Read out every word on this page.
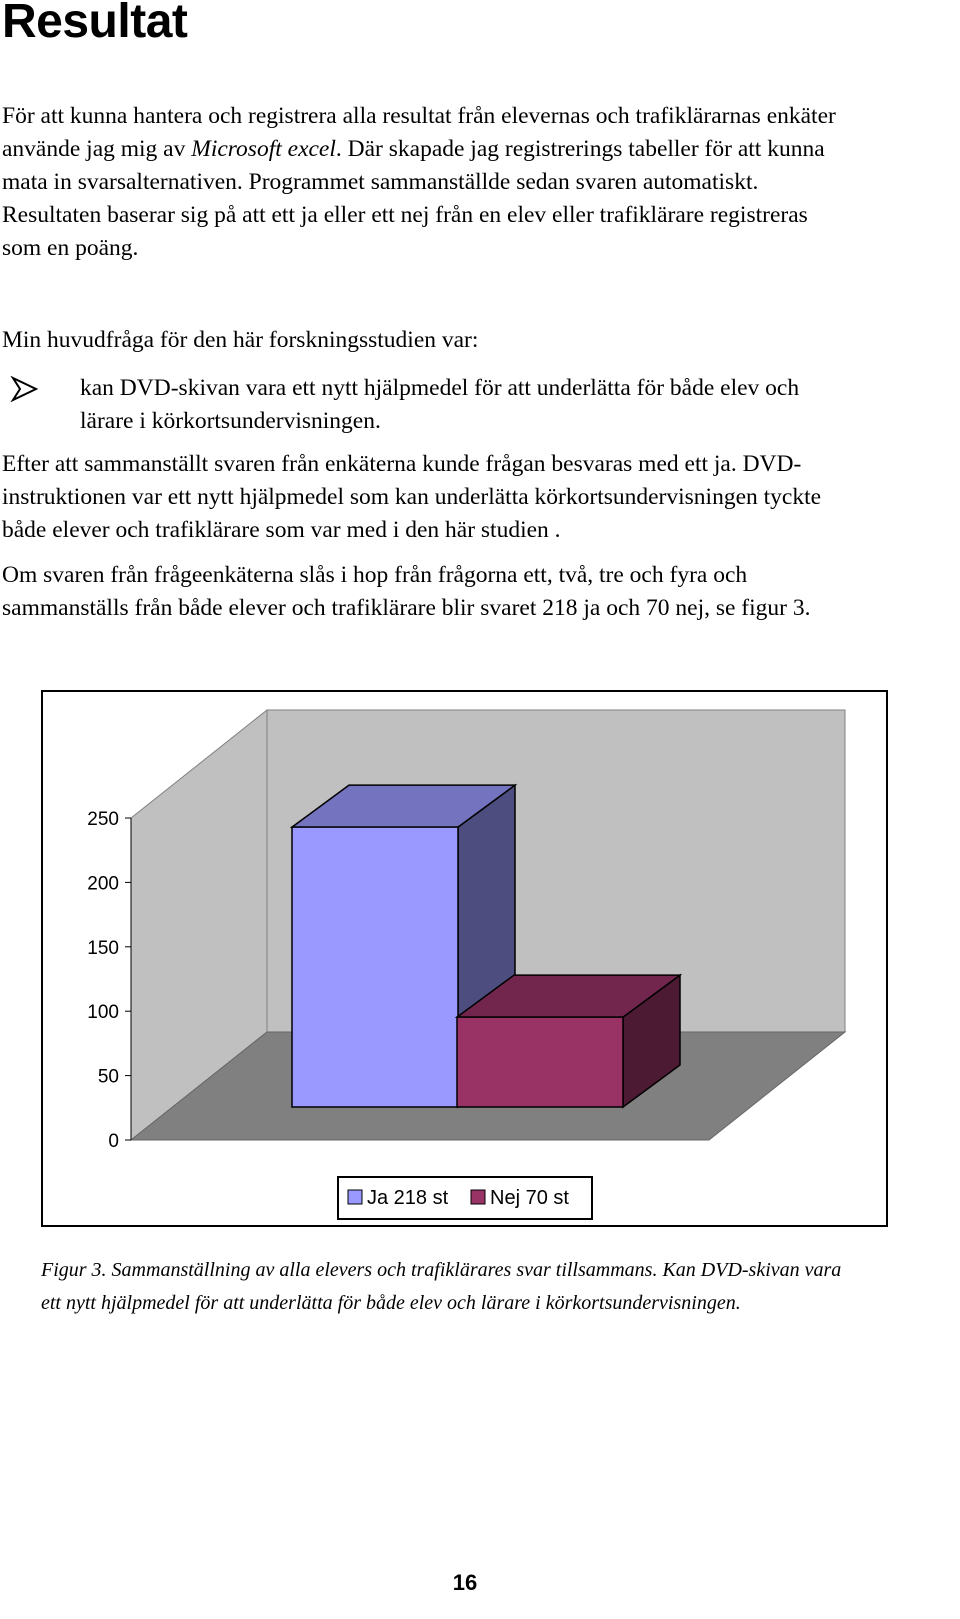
Resultat

För att kunna hantera och registrera alla resultat från elevernas och trafiklärarnas enkäter
använde jag mig av Microsoft excel. Där skapade jag registrerings tabeller för att kunna
mata in svarsalternativen. Programmet sammanställde sedan svaren automatiskt.
Resultaten baserar sig på att ett ja eller ett nej från en elev eller trafiklärare registreras
som en poäng.

Min huvudfråga för den här forskningsstudien var:

kan DVD-skivan vara ett nytt hjälpmedel för att underlätta för både elev och
lärare i körkortsundervisningen.

Efter att sammanställt svaren från enkäterna kunde frågan besvaras med ett ja. DVD-
instruktionen var ett nytt hjälpmedel som kan underlätta körkortsundervisningen tyckte
både elever och trafiklärare som var med i den här studien .

Om svaren från frågeenkäterna slås i hop från frågorna ett, två, tre och fyra och
sammanställs från både elever och trafiklärare blir svaret 218 ja och 70 nej, se figur 3.

0
50
100
150
200
250
Ja 218 st Nej 70 st
Figur 3. Sammanställning av alla elevers och trafiklärares svar tillsammans. Kan DVD-skivan vara
ett nytt hjälpmedel för att underlätta för både elev och lärare i körkortsundervisningen.
16
